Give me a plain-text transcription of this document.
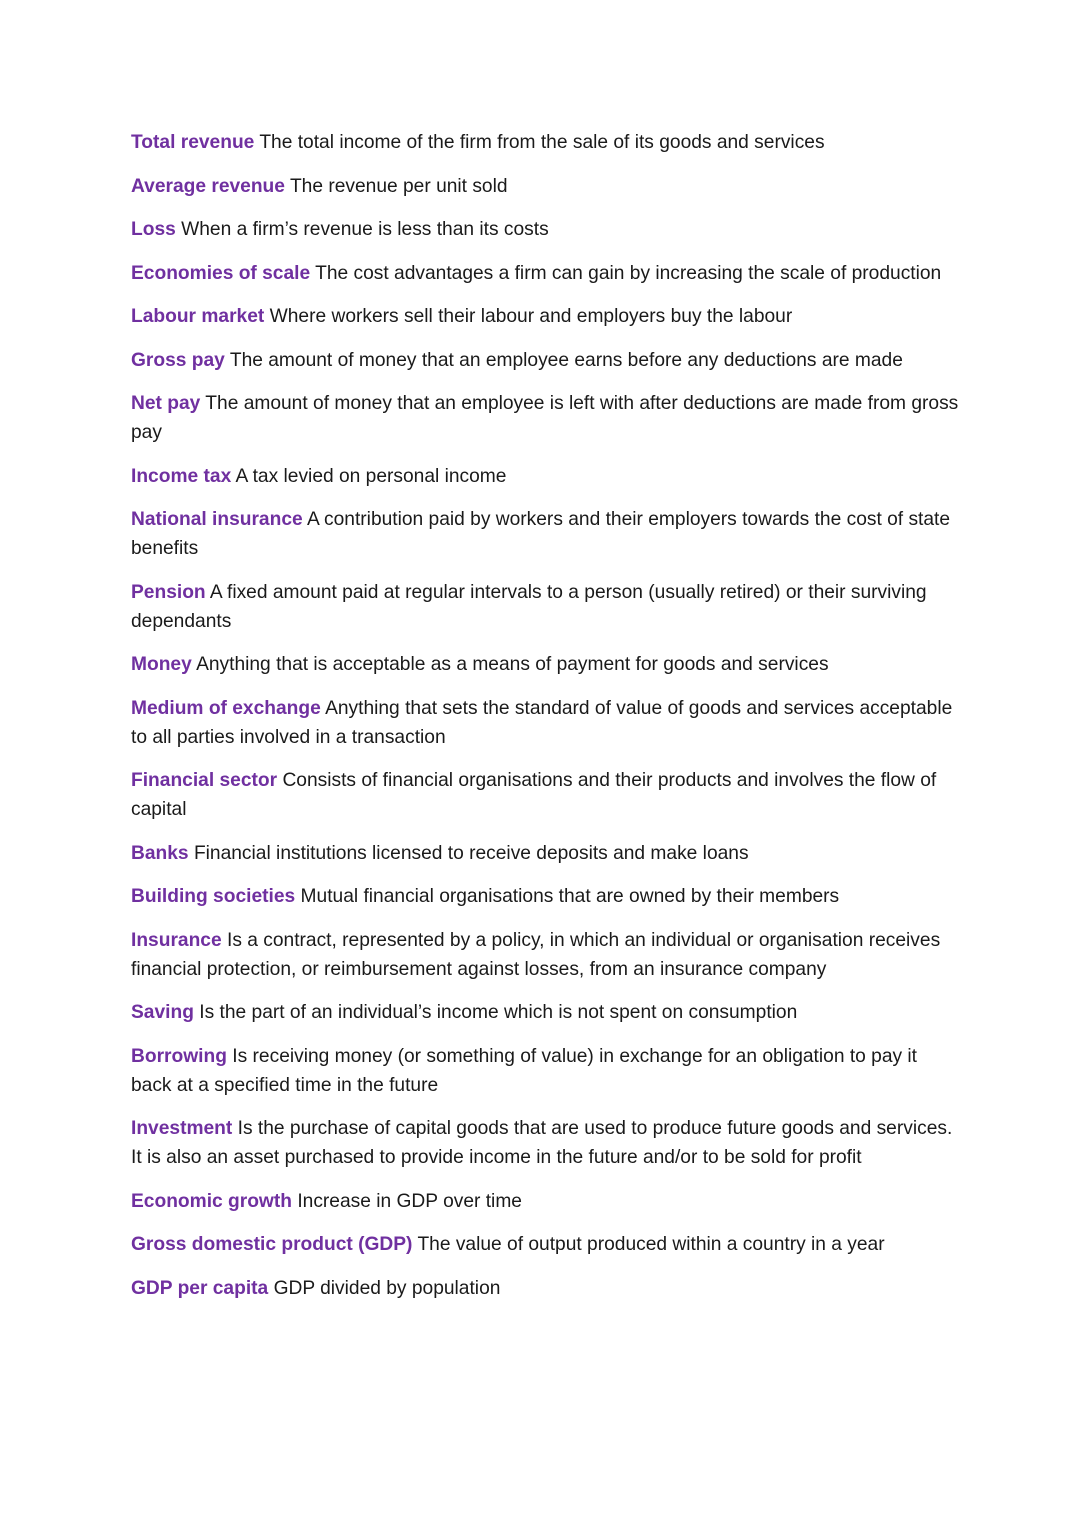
Total revenue The total income of the firm from the sale of its goods and services

Average revenue The revenue per unit sold

Loss When a firm’s revenue is less than its costs

Economies of scale The cost advantages a firm can gain by increasing the scale of production

Labour market Where workers sell their labour and employers buy the labour

Gross pay The amount of money that an employee earns before any deductions are made

Net pay The amount of money that an employee is left with after deductions are made from gross pay

Income tax A tax levied on personal income

National insurance A contribution paid by workers and their employers towards the cost of state benefits

Pension A fixed amount paid at regular intervals to a person (usually retired) or their surviving dependants

Money Anything that is acceptable as a means of payment for goods and services

Medium of exchange Anything that sets the standard of value of goods and services acceptable to all parties involved in a transaction

Financial sector Consists of financial organisations and their products and involves the flow of capital

Banks Financial institutions licensed to receive deposits and make loans

Building societies Mutual financial organisations that are owned by their members

Insurance Is a contract, represented by a policy, in which an individual or organisation receives financial protection, or reimbursement against losses, from an insurance company

Saving Is the part of an individual’s income which is not spent on consumption

Borrowing Is receiving money (or something of value) in exchange for an obligation to pay it back at a specified time in the future

Investment Is the purchase of capital goods that are used to produce future goods and services. It is also an asset purchased to provide income in the future and/or to be sold for profit

Economic growth Increase in GDP over time

Gross domestic product (GDP) The value of output produced within a country in a year

GDP per capita GDP divided by population
